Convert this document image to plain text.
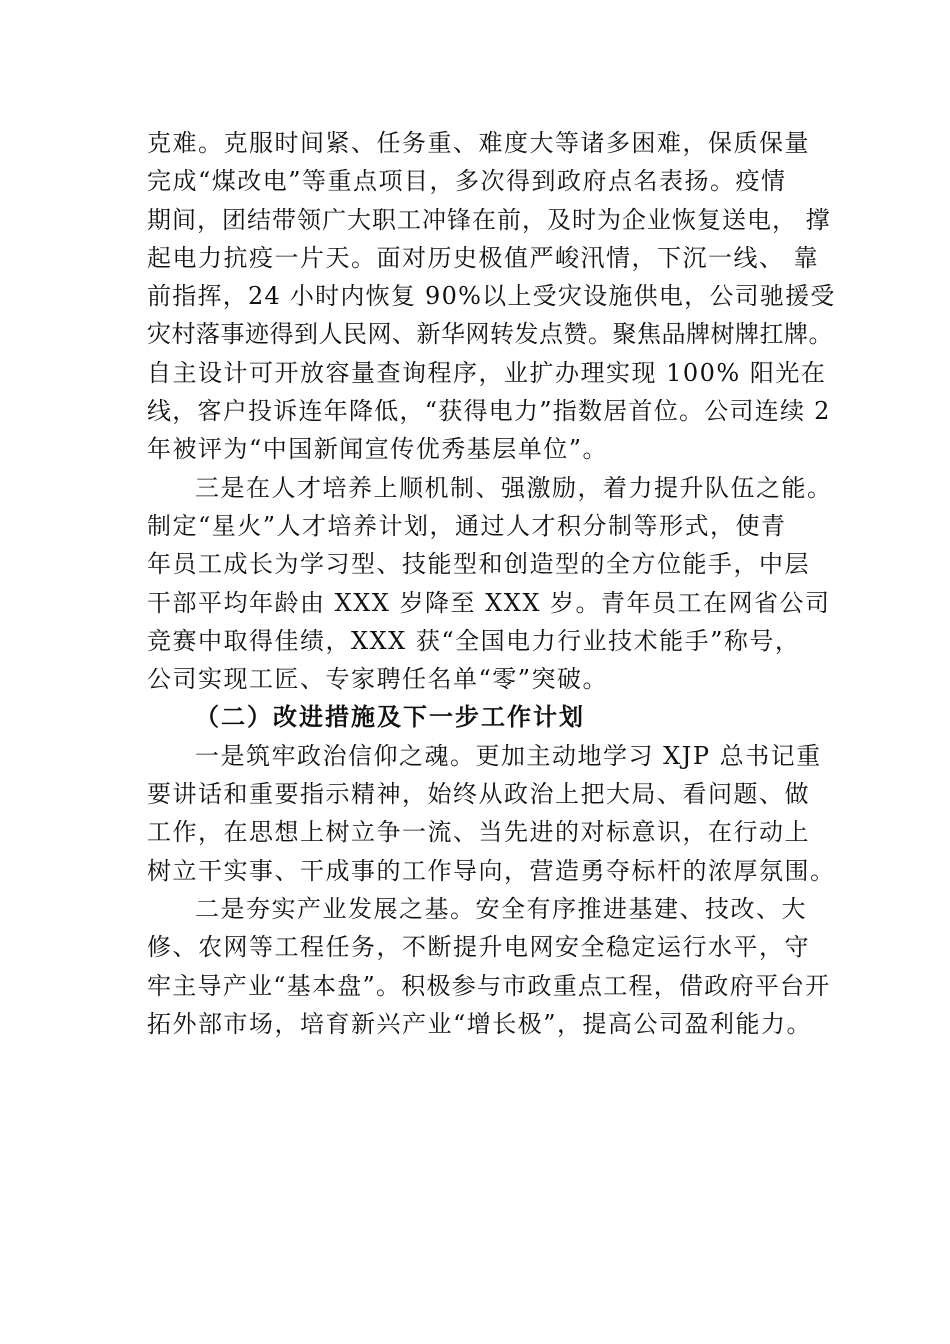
克难。克服时间紧、任务重、难度大等诸多困难，保质保量
完成“煤改电”等重点项目，多次得到政府点名表扬。疫情
期间，团结带领广大职工冲锋在前，及时为企业恢复送电， 撑
起电力抗疫一片天。面对历史极值严峻汛情，下沉一线、 靠
前指挥，24 小时内恢复 90%以上受灾设施供电，公司驰援受
灾村落事迹得到人民网、新华网转发点赞。聚焦品牌树牌扛牌。
自主设计可开放容量查询程序，业扩办理实现 100% 阳光在
线，客户投诉连年降低，“获得电力”指数居首位。公司连续 2
年被评为“中国新闻宣传优秀基层单位”。
三是在人才培养上顺机制、强激励，着力提升队伍之能。
制定“星火”人才培养计划，通过人才积分制等形式，使青
年员工成长为学习型、技能型和创造型的全方位能手，中层
干部平均年龄由 XXX 岁降至 XXX 岁。青年员工在网省公司
竞赛中取得佳绩，XXX 获“全国电力行业技术能手”称号，
公司实现工匠、专家聘任名单“零”突破。
（二）改进措施及下一步工作计划
一是筑牢政治信仰之魂。更加主动地学习 XJP 总书记重
要讲话和重要指示精神，始终从政治上把大局、看问题、做
工作，在思想上树立争一流、当先进的对标意识，在行动上
树立干实事、干成事的工作导向，营造勇夺标杆的浓厚氛围。
二是夯实产业发展之基。安全有序推进基建、技改、大
修、农网等工程任务，不断提升电网安全稳定运行水平，守
牢主导产业“基本盘”。积极参与市政重点工程，借政府平台开
拓外部市场，培育新兴产业“增长极”，提高公司盈利能力。
